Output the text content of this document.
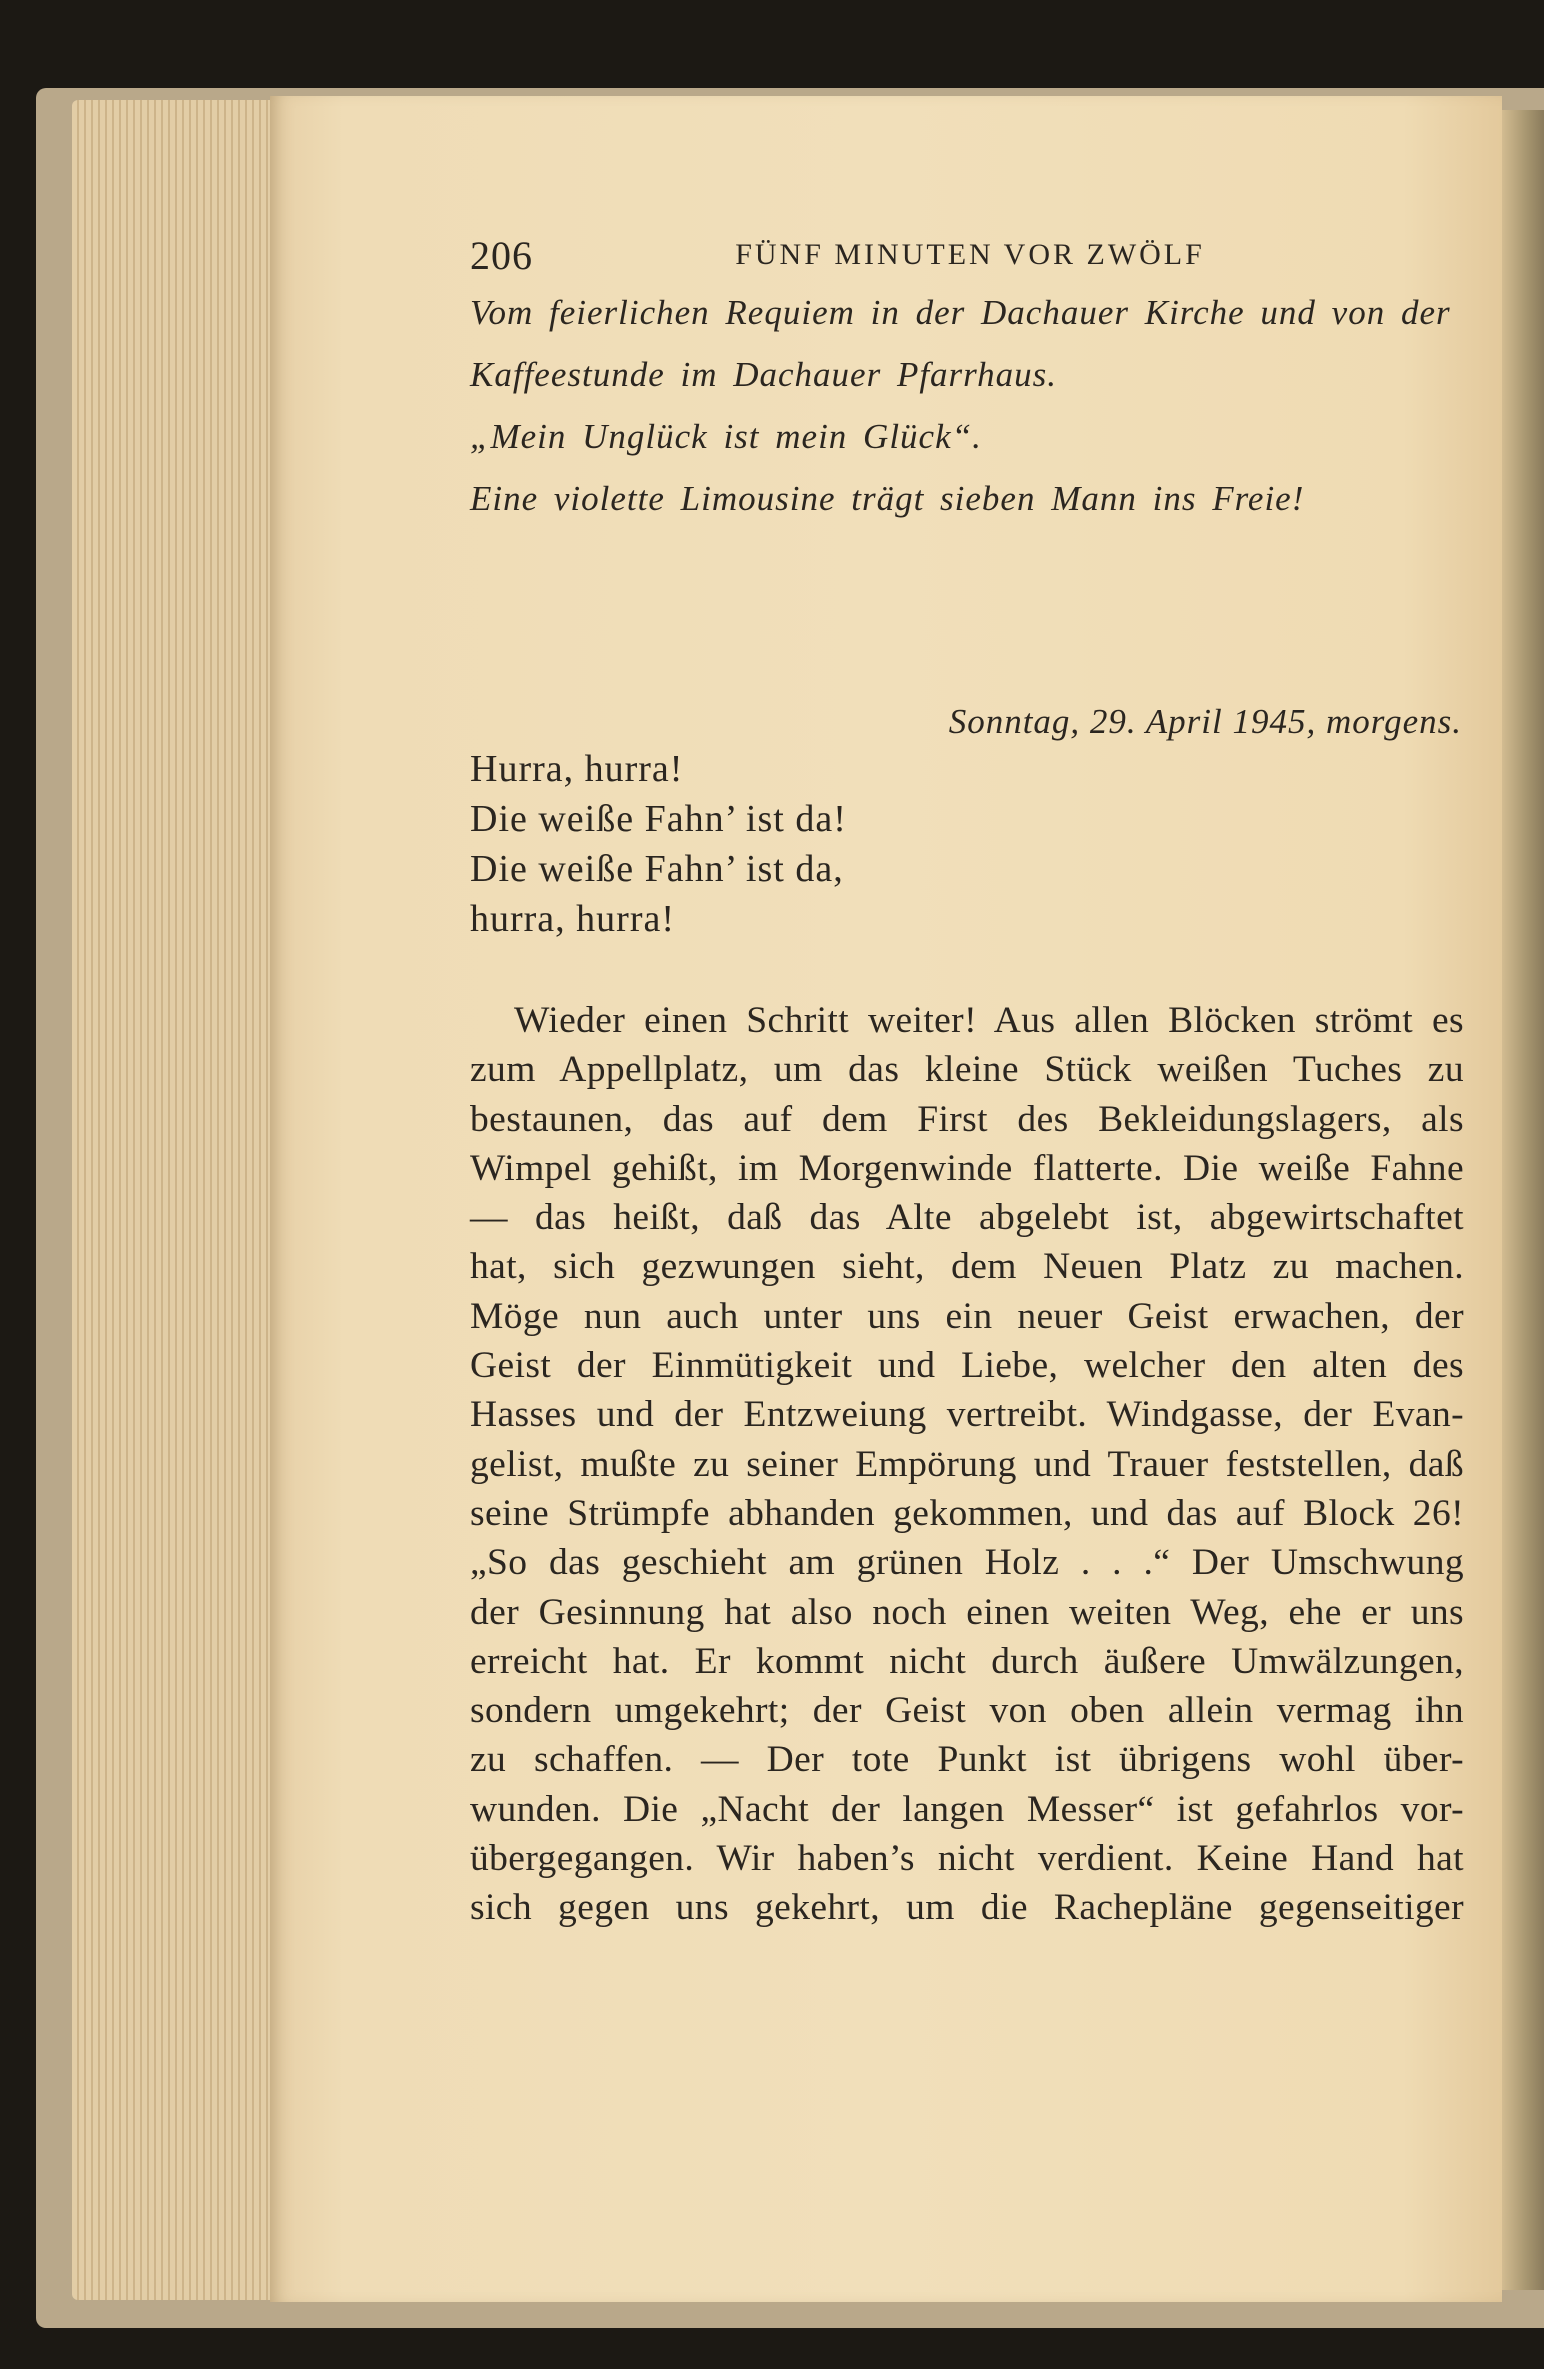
206	FÜNF MINUTEN VOR ZWÖLF
Vom feierlichen Requiem in der Dachauer Kirche und von der
Kaffeestunde im Dachauer Pfarrhaus.
„Mein Unglück ist mein Glück“.
Eine violette Limousine trägt sieben Mann ins Freie!
Sonntag, 29. April 1945, morgens.
Hurra, hurra!
Die weiße Fahn’ ist da!
Die weiße Fahn’ ist da,
hurra, hurra!
Wieder einen Schritt weiter! Aus allen Blöcken strömt es
zum Appellplatz, um das kleine Stück weißen Tuches zu
bestaunen, das auf dem First des Bekleidungslagers, als
Wimpel gehißt, im Morgenwinde flatterte. Die weiße Fahne
— das heißt, daß das Alte abgelebt ist, abgewirtschaftet
hat, sich gezwungen sieht, dem Neuen Platz zu machen.
Möge nun auch unter uns ein neuer Geist erwachen, der
Geist der Einmütigkeit und Liebe, welcher den alten des
Hasses und der Entzweiung vertreibt. Windgasse, der Evan-
gelist, mußte zu seiner Empörung und Trauer feststellen, daß
seine Strümpfe abhanden gekommen, und das auf Block 26!
„So das geschieht am grünen Holz . . .“ Der Umschwung
der Gesinnung hat also noch einen weiten Weg, ehe er uns
erreicht hat. Er kommt nicht durch äußere Umwälzungen,
sondern umgekehrt; der Geist von oben allein vermag ihn
zu schaffen. — Der tote Punkt ist übrigens wohl über-
wunden. Die „Nacht der langen Messer“ ist gefahrlos vor-
übergegangen. Wir haben’s nicht verdient. Keine Hand hat
sich gegen uns gekehrt, um die Rachepläne gegenseitiger
